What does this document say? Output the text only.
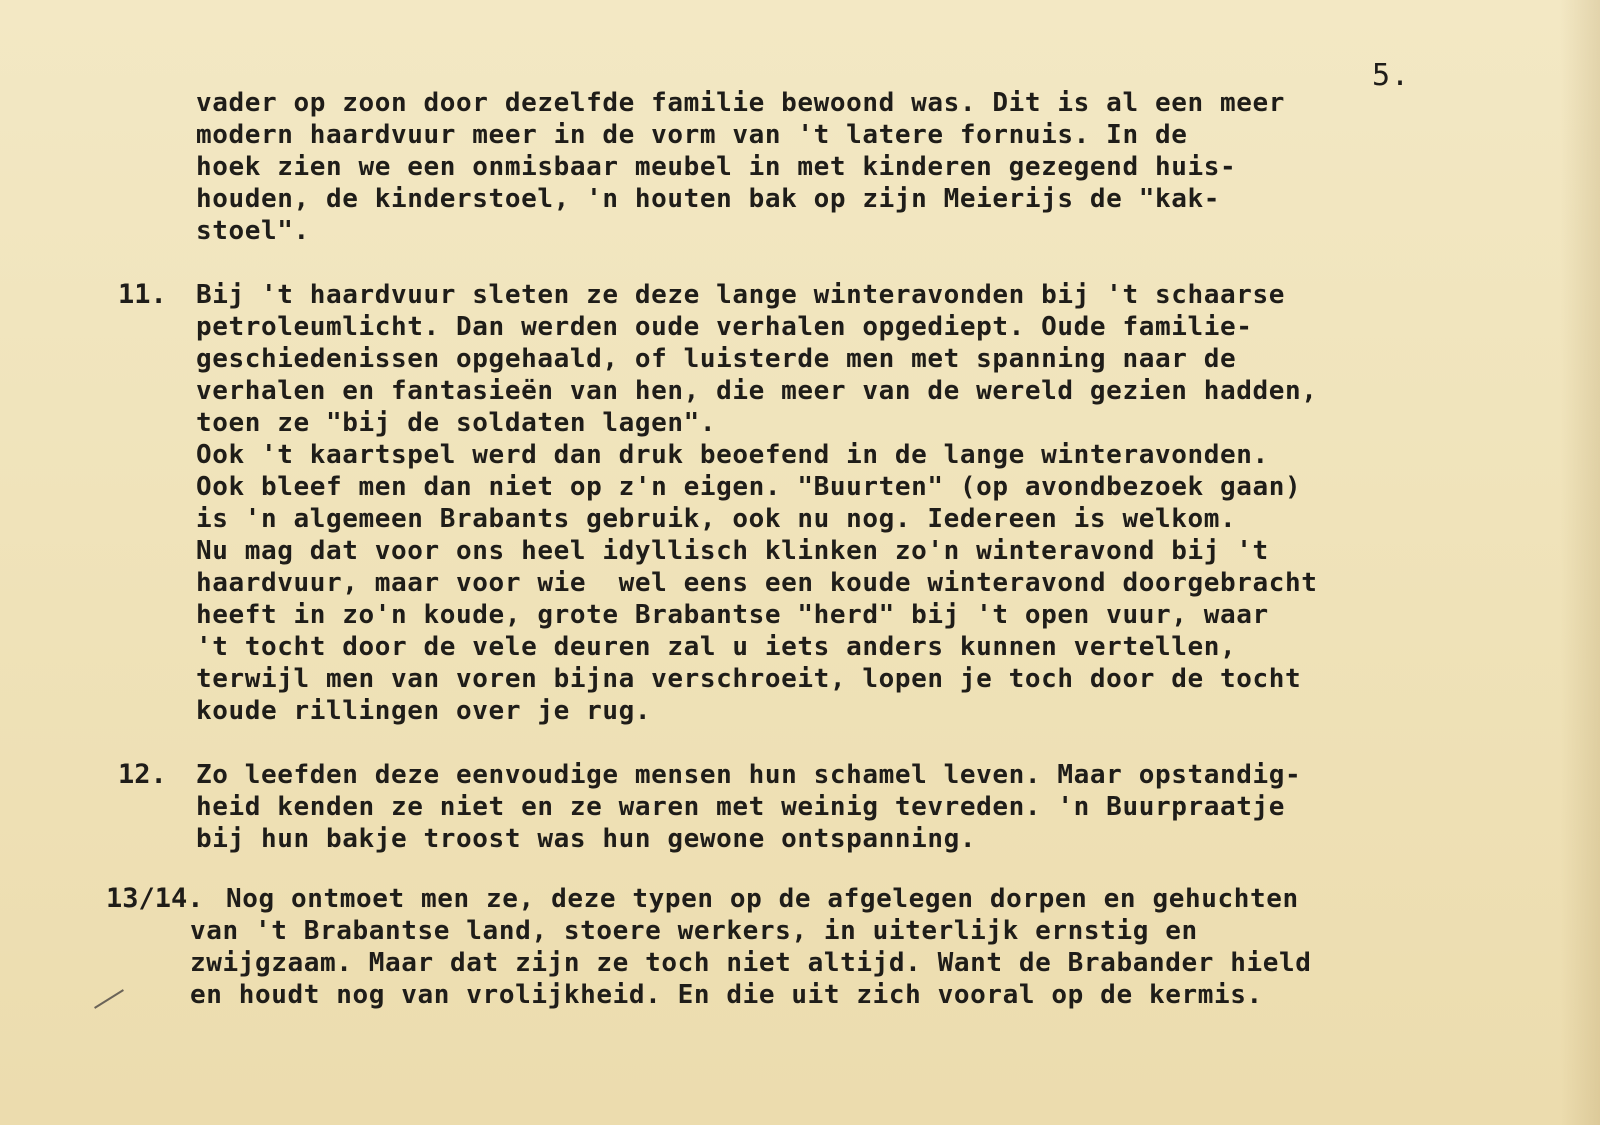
5.
vader op zoon door dezelfde familie bewoond was. Dit is al een meer
modern haardvuur meer in de vorm van 't latere fornuis. In de
hoek zien we een onmisbaar meubel in met kinderen gezegend huis-
houden, de kinderstoel, 'n houten bak op zijn Meierijs de "kak-
stoel".
11. Bij 't haardvuur sleten ze deze lange winteravonden bij 't schaarse
petroleumlicht. Dan werden oude verhalen opgediept. Oude familie-
geschiedenissen opgehaald, of luisterde men met spanning naar de
verhalen en fantasieën van hen, die meer van de wereld gezien hadden,
toen ze "bij de soldaten lagen".
Ook 't kaartspel werd dan druk beoefend in de lange winteravonden.
Ook bleef men dan niet op z'n eigen. "Buurten" (op avondbezoek gaan)
is 'n algemeen Brabants gebruik, ook nu nog. Iedereen is welkom.
Nu mag dat voor ons heel idyllisch klinken zo'n winteravond bij 't
haardvuur, maar voor wie  wel eens een koude winteravond doorgebracht
heeft in zo'n koude, grote Brabantse "herd" bij 't open vuur, waar
't tocht door de vele deuren zal u iets anders kunnen vertellen,
terwijl men van voren bijna verschroeit, lopen je toch door de tocht
koude rillingen over je rug.
12. Zo leefden deze eenvoudige mensen hun schamel leven. Maar opstandig-
heid kenden ze niet en ze waren met weinig tevreden. 'n Buurpraatje
bij hun bakje troost was hun gewone ontspanning.
13/14. Nog ontmoet men ze, deze typen op de afgelegen dorpen en gehuchten
van 't Brabantse land, stoere werkers, in uiterlijk ernstig en
zwijgzaam. Maar dat zijn ze toch niet altijd. Want de Brabander hield
en houdt nog van vrolijkheid. En die uit zich vooral op de kermis.
